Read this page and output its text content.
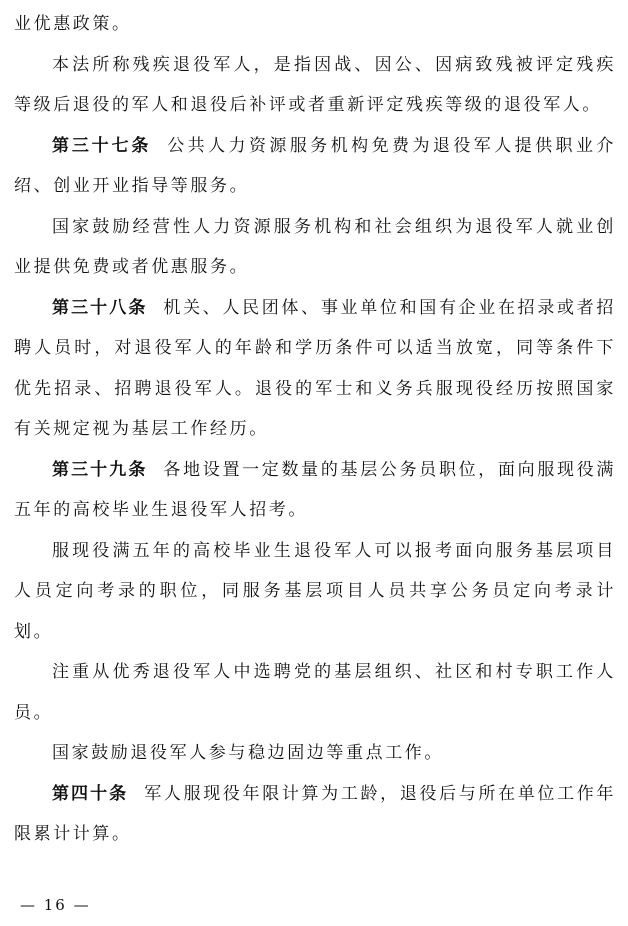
业优惠政策。

本法所称残疾退役军人，是指因战、因公、因病致残被评定残疾等级后退役的军人和退役后补评或者重新评定残疾等级的退役军人。

第三十七条 公共人力资源服务机构免费为退役军人提供职业介绍、创业开业指导等服务。

国家鼓励经营性人力资源服务机构和社会组织为退役军人就业创业提供免费或者优惠服务。

第三十八条 机关、人民团体、事业单位和国有企业在招录或者招聘人员时，对退役军人的年龄和学历条件可以适当放宽，同等条件下优先招录、招聘退役军人。退役的军士和义务兵服现役经历按照国家有关规定视为基层工作经历。

第三十九条 各地设置一定数量的基层公务员职位，面向服现役满五年的高校毕业生退役军人招考。

服现役满五年的高校毕业生退役军人可以报考面向服务基层项目人员定向考录的职位，同服务基层项目人员共享公务员定向考录计划。

注重从优秀退役军人中选聘党的基层组织、社区和村专职工作人员。

国家鼓励退役军人参与稳边固边等重点工作。

第四十条 军人服现役年限计算为工龄，退役后与所在单位工作年限累计计算。

— 16 —
